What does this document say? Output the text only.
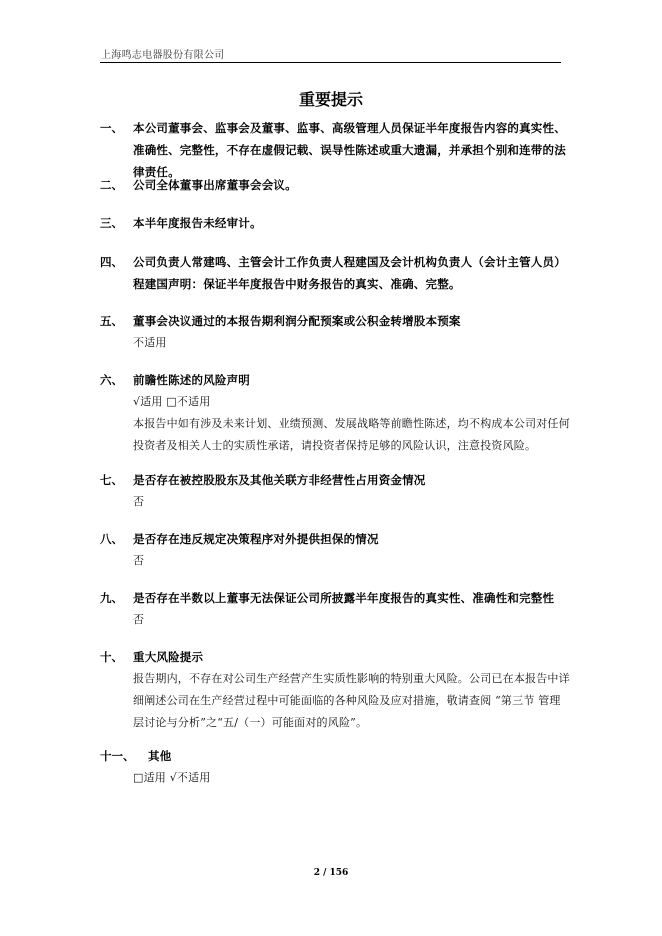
上海鸣志电器股份有限公司
重要提示
一、 本公司董事会、监事会及董事、监事、高级管理人员保证半年度报告内容的真实性、准确性、完整性，不存在虚假记载、误导性陈述或重大遗漏，并承担个别和连带的法律责任。
二、 公司全体董事出席董事会会议。
三、 本半年度报告未经审计。
四、 公司负责人常建鸣、主管会计工作负责人程建国及会计机构负责人（会计主管人员）程建国声明：保证半年度报告中财务报告的真实、准确、完整。
五、 董事会决议通过的本报告期利润分配预案或公积金转增股本预案
不适用
六、 前瞻性陈述的风险声明
√适用 □不适用
本报告中如有涉及未来计划、业绩预测、发展战略等前瞻性陈述，均不构成本公司对任何投资者及相关人士的实质性承诺，请投资者保持足够的风险认识，注意投资风险。
七、 是否存在被控股股东及其他关联方非经营性占用资金情况
否
八、 是否存在违反规定决策程序对外提供担保的情况
否
九、 是否存在半数以上董事无法保证公司所披露半年度报告的真实性、准确性和完整性
否
十、 重大风险提示
报告期内，不存在对公司生产经营产生实质性影响的特别重大风险。公司已在本报告中详细阐述公司在生产经营过程中可能面临的各种风险及应对措施，敬请查阅 “第三节 管理层讨论与分析”之“五/（一）可能面对的风险”。
十一、 其他
□适用 √不适用
2 / 156
